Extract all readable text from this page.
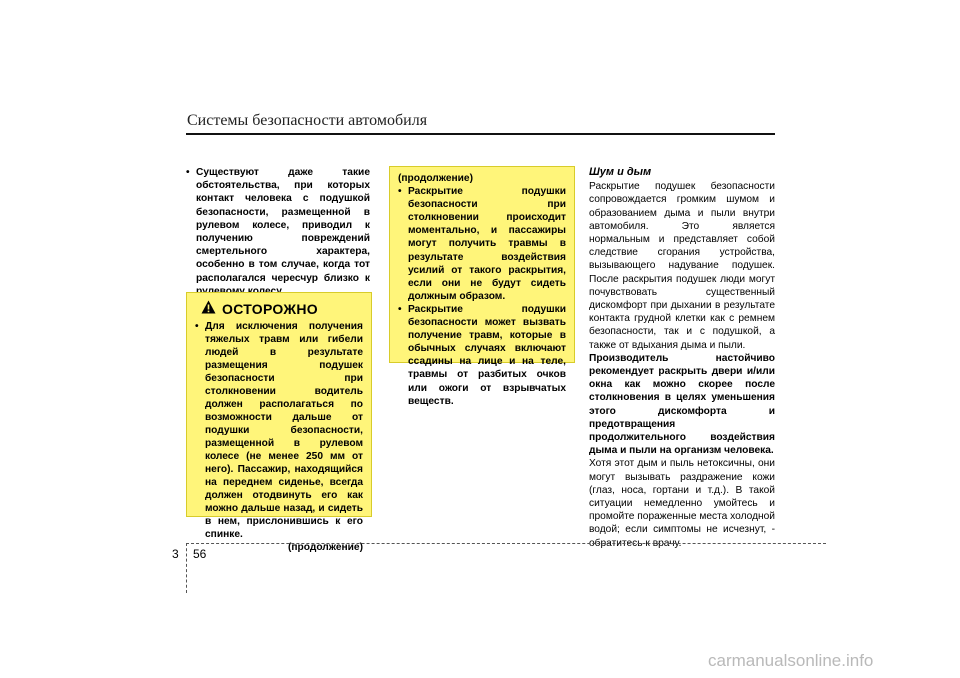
Системы безопасности автомобиля
• Существуют даже такие обстоятельства, при которых контакт человека с подушкой безопасности, размещенной в рулевом колесе, приводил к получению повреждений смертельного характера, особенно в том случае, когда тот располагался чересчур близко к
ОСТОРОЖНО
• Для исключения получения тяжелых травм или гибели людей в результате размещения подушек безопасности при столкновении водитель должен располагаться по возможности дальше от подушки безопасности, размещенной в рулевом колесе (не менее 250 мм от него). Пассажир, находящийся на переднем сиденье, всегда должен отодвинуть его как можно дальше назад, и сидеть в нем, прислонившись к его спинке.
(продолжение)
(продолжение)
• Раскрытие подушки безопасности при столкновении происходит моментально, и пассажиры могут получить травмы в результате воздействия усилий от такого раскрытия, если они не будут сидеть должным образом.
• Раскрытие подушки безопасности может вызвать получение травм, которые в обычных случаях включают ссадины на лице и на теле, травмы от разбитых очков или ожоги от взрывчатых веществ.
Шум и дым

Раскрытие подушек безопасности сопровождается громким шумом и образованием дыма и пыли внутри автомобиля. Это является нормальным и представляет собой следствие сгорания устройства, вызывающего надувание подушек. После раскрытия подушек люди могут почувствовать существенный дискомфорт при дыхании в результате контакта грудной клетки как с ремнем безопасности, так и с подушкой, а также от вдыхания дыма и пыли.

Производитель настойчиво рекомендует раскрыть двери и/или окна как можно скорее после столкновения в целях уменьшения этого дискомфорта и предотвращения продолжительного воздействия дыма и пыли на организм человека.

Хотя этот дым и пыль нетоксичны, они могут вызывать раздражение кожи (глаз, носа, гортани и т.д.). В такой ситуации немедленно умойтесь и промойте пораженные места холодной водой; если симптомы не исчезнут, - обратитесь к врачу.

3 56
carmanualsonline.info
